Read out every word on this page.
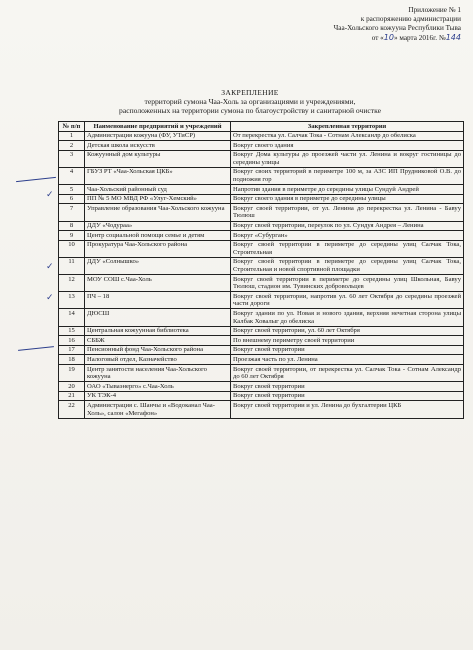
Приложение № 1
к распоряжению администрации
Чаа-Хольского кожууна Республики Тыва
от «10» марта 2016г. №144
ЗАКРЕПЛЕНИЕ
территорий сумона Чаа-Холь за организациями и учреждениями,
расположенных на территории сумона по благоустройству и санитарной очистке
№ п/п	Наименование предприятий и учреждений	Закрепленная территория
1	Администрация кожууна (ФУ, УТиСР)	От перекрестка ул. Салчак Тока - Сотнам Алексанлр до обелиска
2	Детская школа искусств	Вокруг своего здания
3	Кожуунный дом культуры	Вокруг Дома культуры до проезжей части ул. Ленина и вокруг гостиницы до середины улицы
4	ГБУЗ РТ «Чаа-Хольская ЦКБ»	Вокруг своих территорий в периметре 100 м, за АЗС ИП Прудниковой О.В. до подножия гор
5	Чаа-Хольский районный суд	Напротив здания в периметре до середины улицы Сундуй Андрей
6	ПП № 5 МО МВД РФ «Улуг-Хемский»	Вокруг своего здания в периметре до середины улицы
7	Управление образования Чаа-Хольского кожууна	Вокруг своей территории, от ул. Ленина до перекрестка ул. Ленина - Бавуу Тюлюш
8	ДДУ «Чодураа»	Вокруг своей территории, переулок по ул. Сундуя Андрея – Ленина
9	Центр социальной помощи семье и детям	Вокруг «Субурган»
10	Прокуратура Чаа-Хольского района	Вокруг своей территории в периметре до середины улиц Салчак Тока, Строительная
11	ДДУ «Солнышко»	Вокруг своей территории в периметре до середины улиц Салчак Тока, Строительная и новой спортивной площадки
12	МОУ СОШ с.Чаа-Холь	Вокруг своей территории в периметре до середины улиц Школьная, Бавуу Тюлюш, стадион им. Тувинских добровольцев
13	ПЧ – 18	Вокруг своей территории, напротив ул. 60 лет Октября до середины проезжей части дороги
14	ДЮСШ	Вокруг здании по ул. Новая и нового здания, верхняя нечетная сторона улицы Калбак Ховалыг до обелиска
15	Центральная кожуунная библиотека	Вокруг своей территории, ул. 60 лет Октября
16	СББЖ	По внешнему периметру своей территории
17	Пенсионный фонд Чаа-Хольского района	Вокруг своей территории
18	Налоговый отдел, Казначейство	Проезжая часть по ул. Ленина
19	Центр занятости населения Чаа-Хольского кожууна	Вокруг своей территории, от перекрестка ул. Салчак Тока - Сотнам Александр до 60 лет Октября
20	ОАО «Тываэнерго» с.Чаа-Холь	Вокруг своей территории
21	УК ТЭК-4	Вокруг своей территории
22	Администрация с. Шанчы и «Водоканал Чаа-Холь», салон «Мегафон»	Вокруг своей территории и ул. Ленина до бухгалтерии ЦКБ
✓
✓
✓
